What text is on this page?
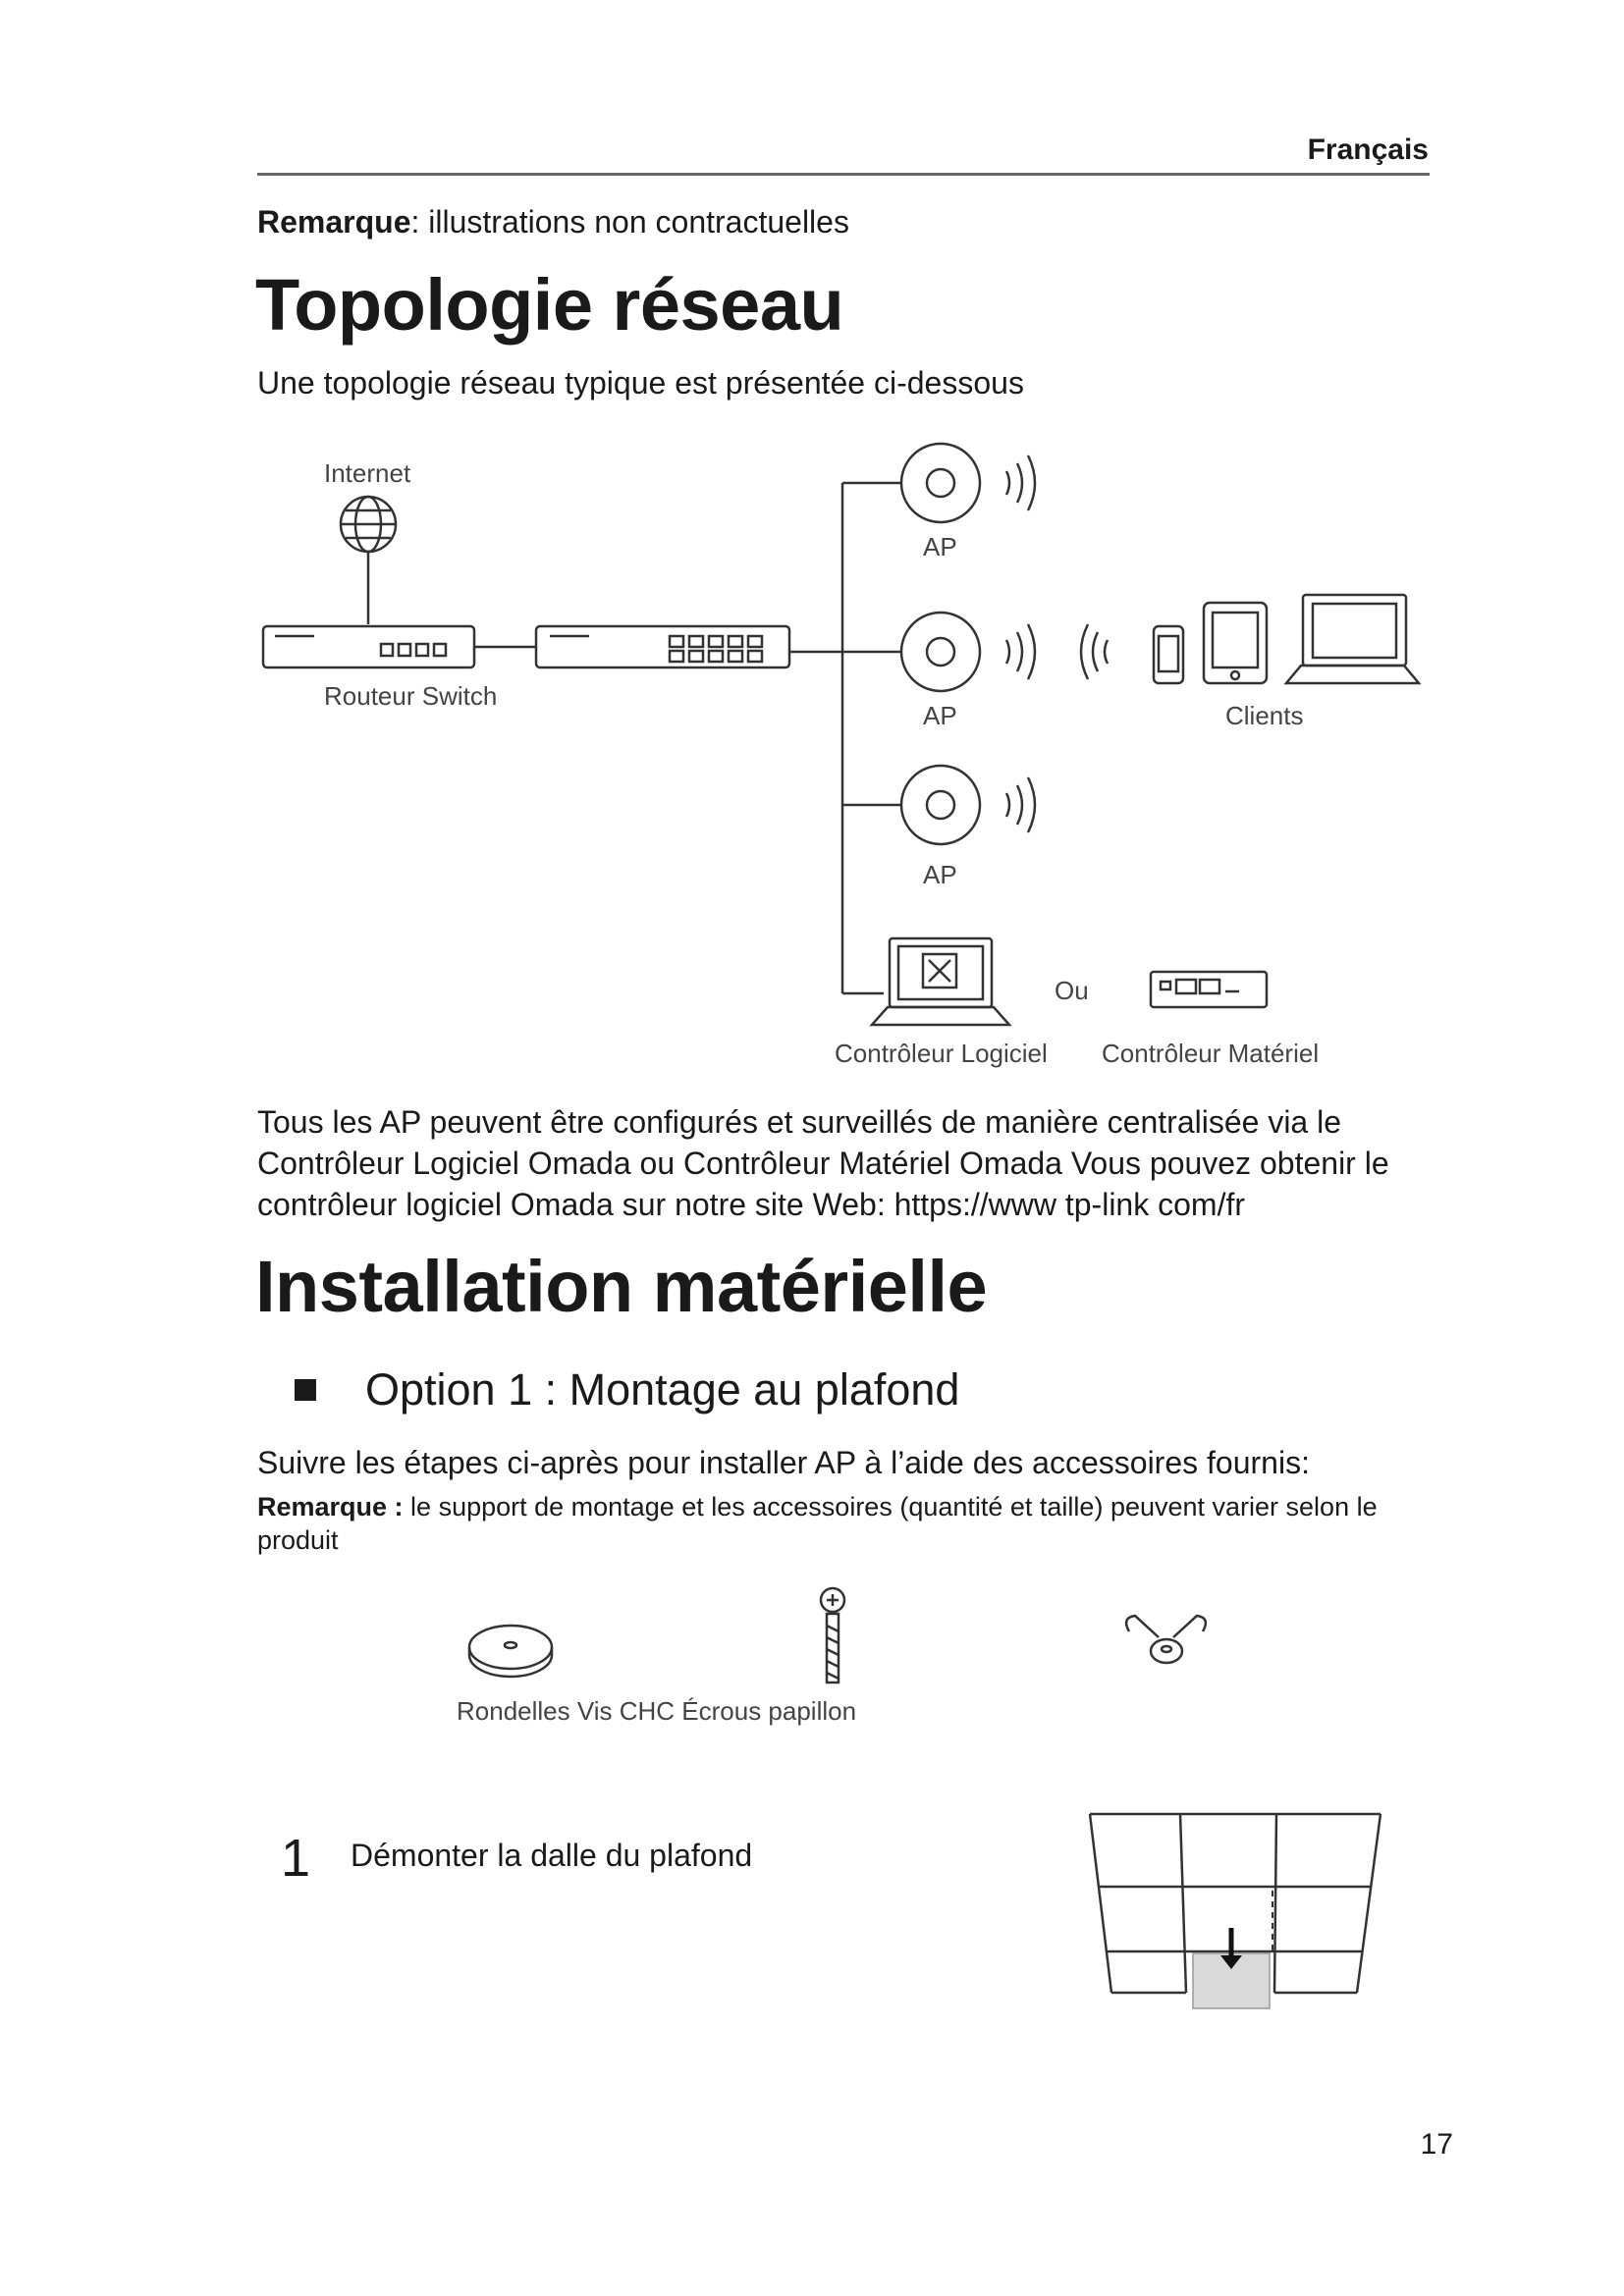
Français
Remarque: illustrations non contractuelles
Topologie réseau
Une topologie réseau typique est présentée ci-dessous
Internet
Routeur Switch
AP
AP
AP
Clients
Ou
Contrôleur Logiciel Contrôleur Matériel
Tous les AP peuvent être configurés et surveillés de manière centralisée via le
Contrôleur Logiciel Omada ou Contrôleur Matériel Omada Vous pouvez obtenir le
contrôleur logiciel Omada sur notre site Web: https://www tp-link com/fr
Installation matérielle
Option 1 : Montage au plafond
Suivre les étapes ci-après pour installer AP à l’aide des accessoires fournis:
Remarque : le support de montage et les accessoires (quantité et taille) peuvent varier selon le produit
Rondelles Vis CHC Écrous papillon
1 Démonter la dalle du plafond
17
